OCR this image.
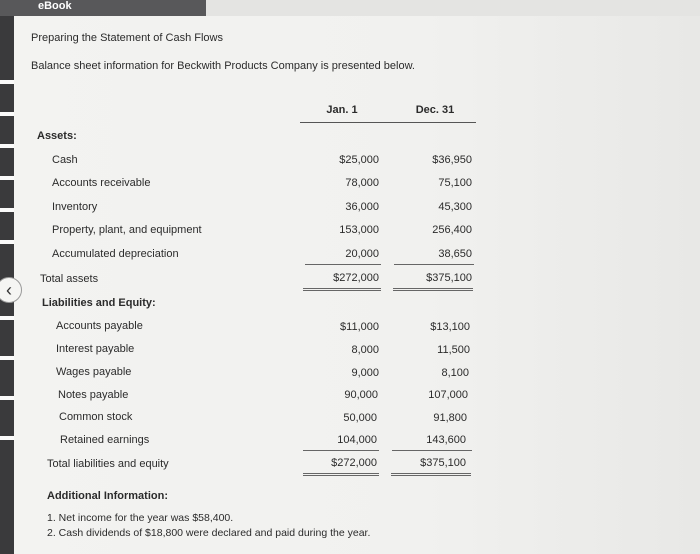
eBook
‹
Preparing the Statement of Cash Flows
Balance sheet information for Beckwith Products Company is presented below.
Jan. 1	Dec. 31
Assets:
Cash	$25,000	$36,950
Accounts receivable	78,000	75,100
Inventory	36,000	45,300
Property, plant, and equipment	153,000	256,400
Accumulated depreciation	20,000	38,650
Total assets	$272,000	$375,100
Liabilities and Equity:
Accounts payable	$11,000	$13,100
Interest payable	8,000	11,500
Wages payable	9,000	8,100
Notes payable	90,000	107,000
Common stock	50,000	91,800
Retained earnings	104,000	143,600
Total liabilities and equity	$272,000	$375,100
Additional Information:
1. Net income for the year was $58,400.
2. Cash dividends of $18,800 were declared and paid during the year.
